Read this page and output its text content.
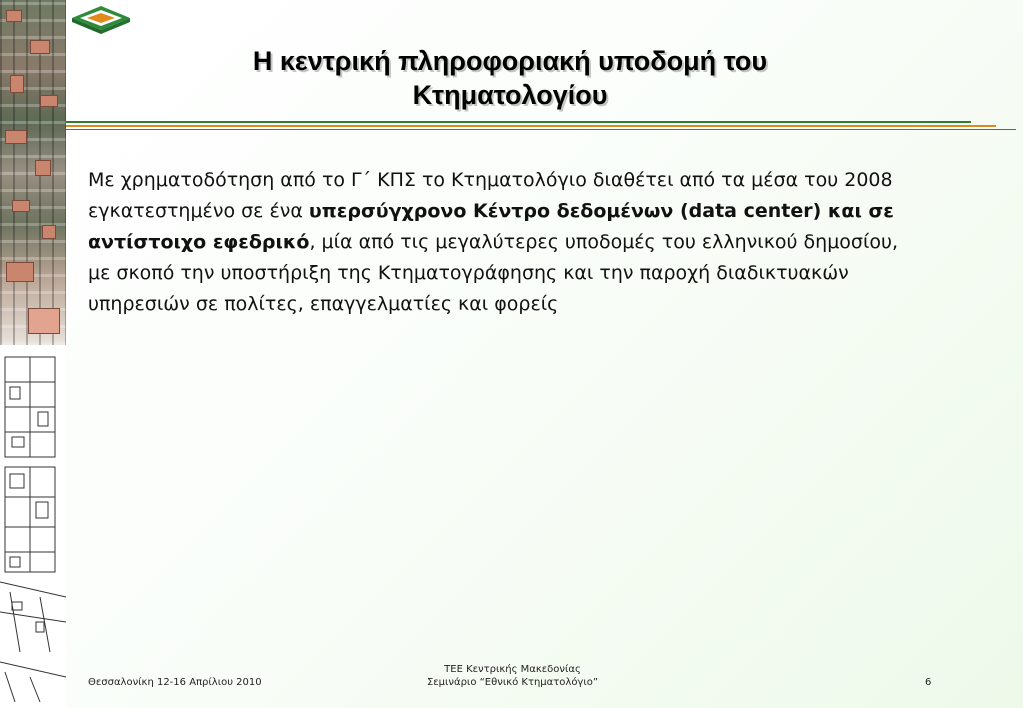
Η κεντρική πληροφοριακή υποδομή του
Κτηματολογίου

Με χρηματοδότηση από το Γ΄ ΚΠΣ το Κτηματολόγιο διαθέτει από τα μέσα του 2008 εγκατεστημένο σε ένα υπερσύγχρονο Κέντρο δεδομένων (data center) και σε αντίστοιχο εφεδρικό, μία από τις μεγαλύτερες υποδομές του ελληνικού δημοσίου, με σκοπό την υποστήριξη της Κτηματογράφησης και την παροχή διαδικτυακών υπηρεσιών σε πολίτες, επαγγελματίες και φορείς

Θεσσαλονίκη 12-16 Απρίλιου 2010
ΤΕΕ Κεντρικής Μακεδονίας
Σεμινάριο “Εθνικό Κτηματολόγιο”	6
